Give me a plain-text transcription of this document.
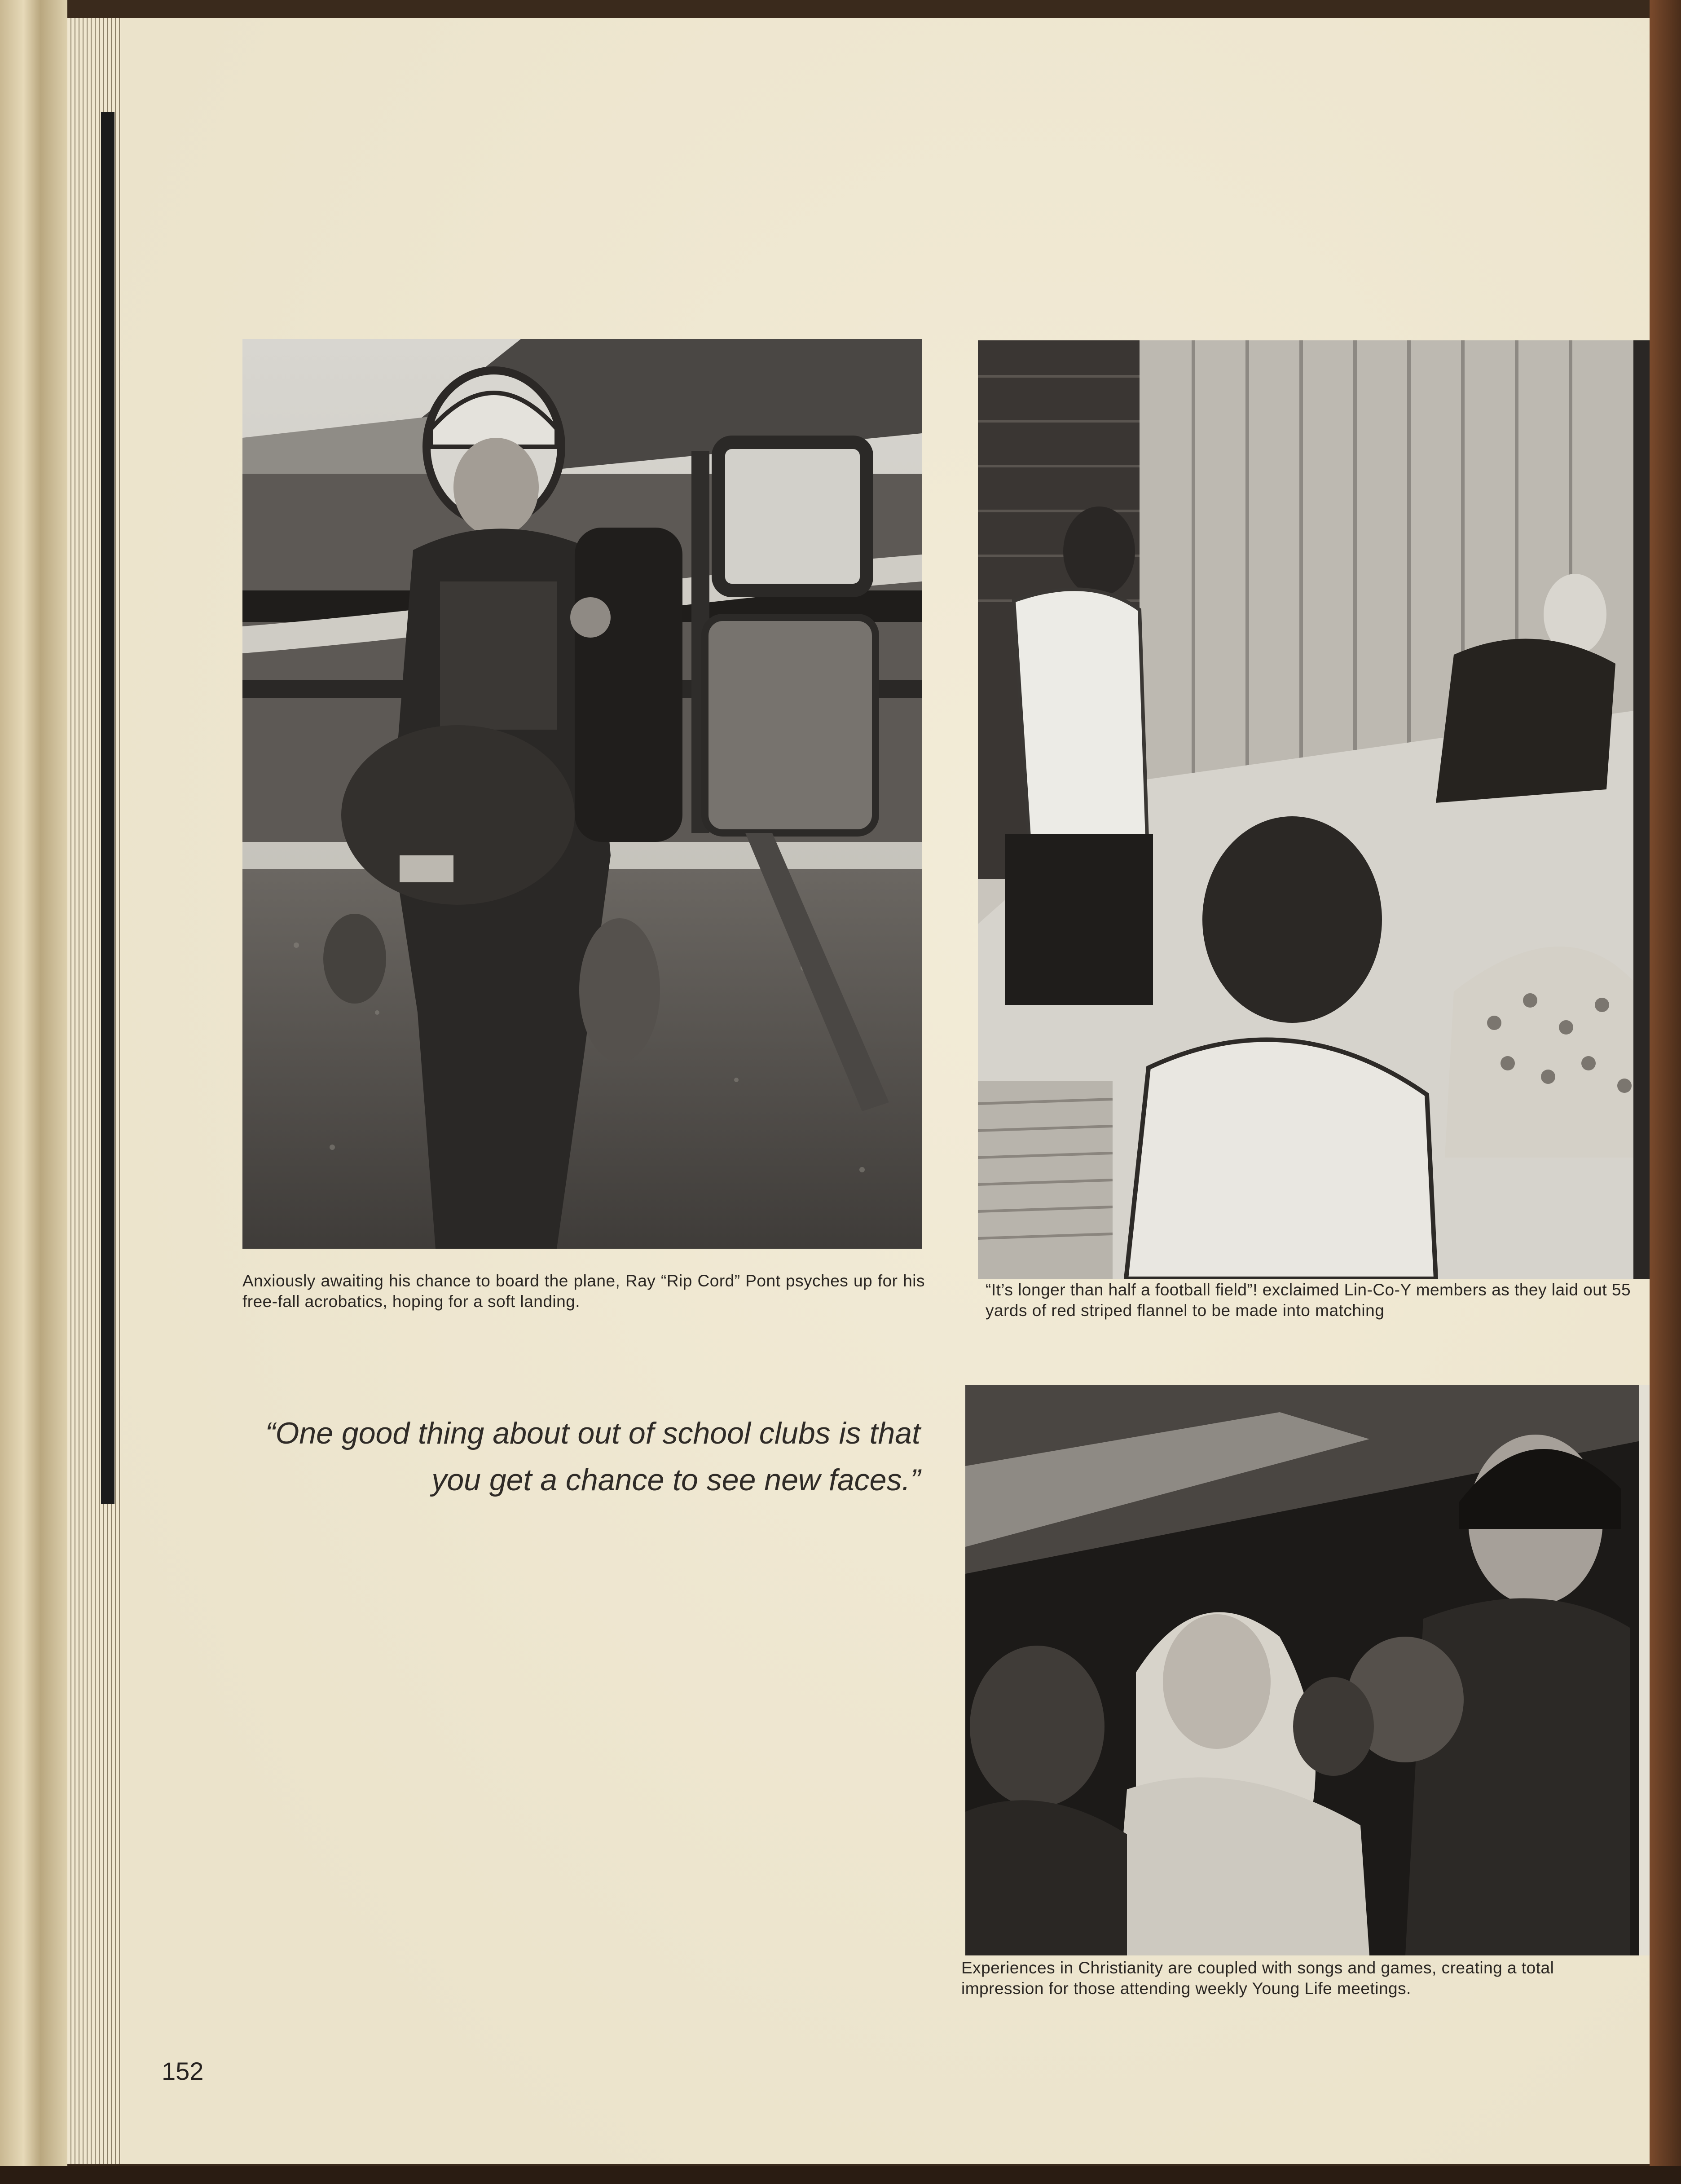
Anxiously awaiting his chance to board the plane, Ray “Rip Cord” Pont psyches up for his free-fall acrobatics, hoping for a soft landing.

“It’s longer than half a football field”! exclaimed Lin-Co-Y members as they laid out 55 yards of red striped flannel to be made into matching

“One good thing about out of school clubs is that you get a chance to see new faces.”

Experiences in Christianity are coupled with songs and games, creating a total impression for those attending weekly Young Life meetings.

152
